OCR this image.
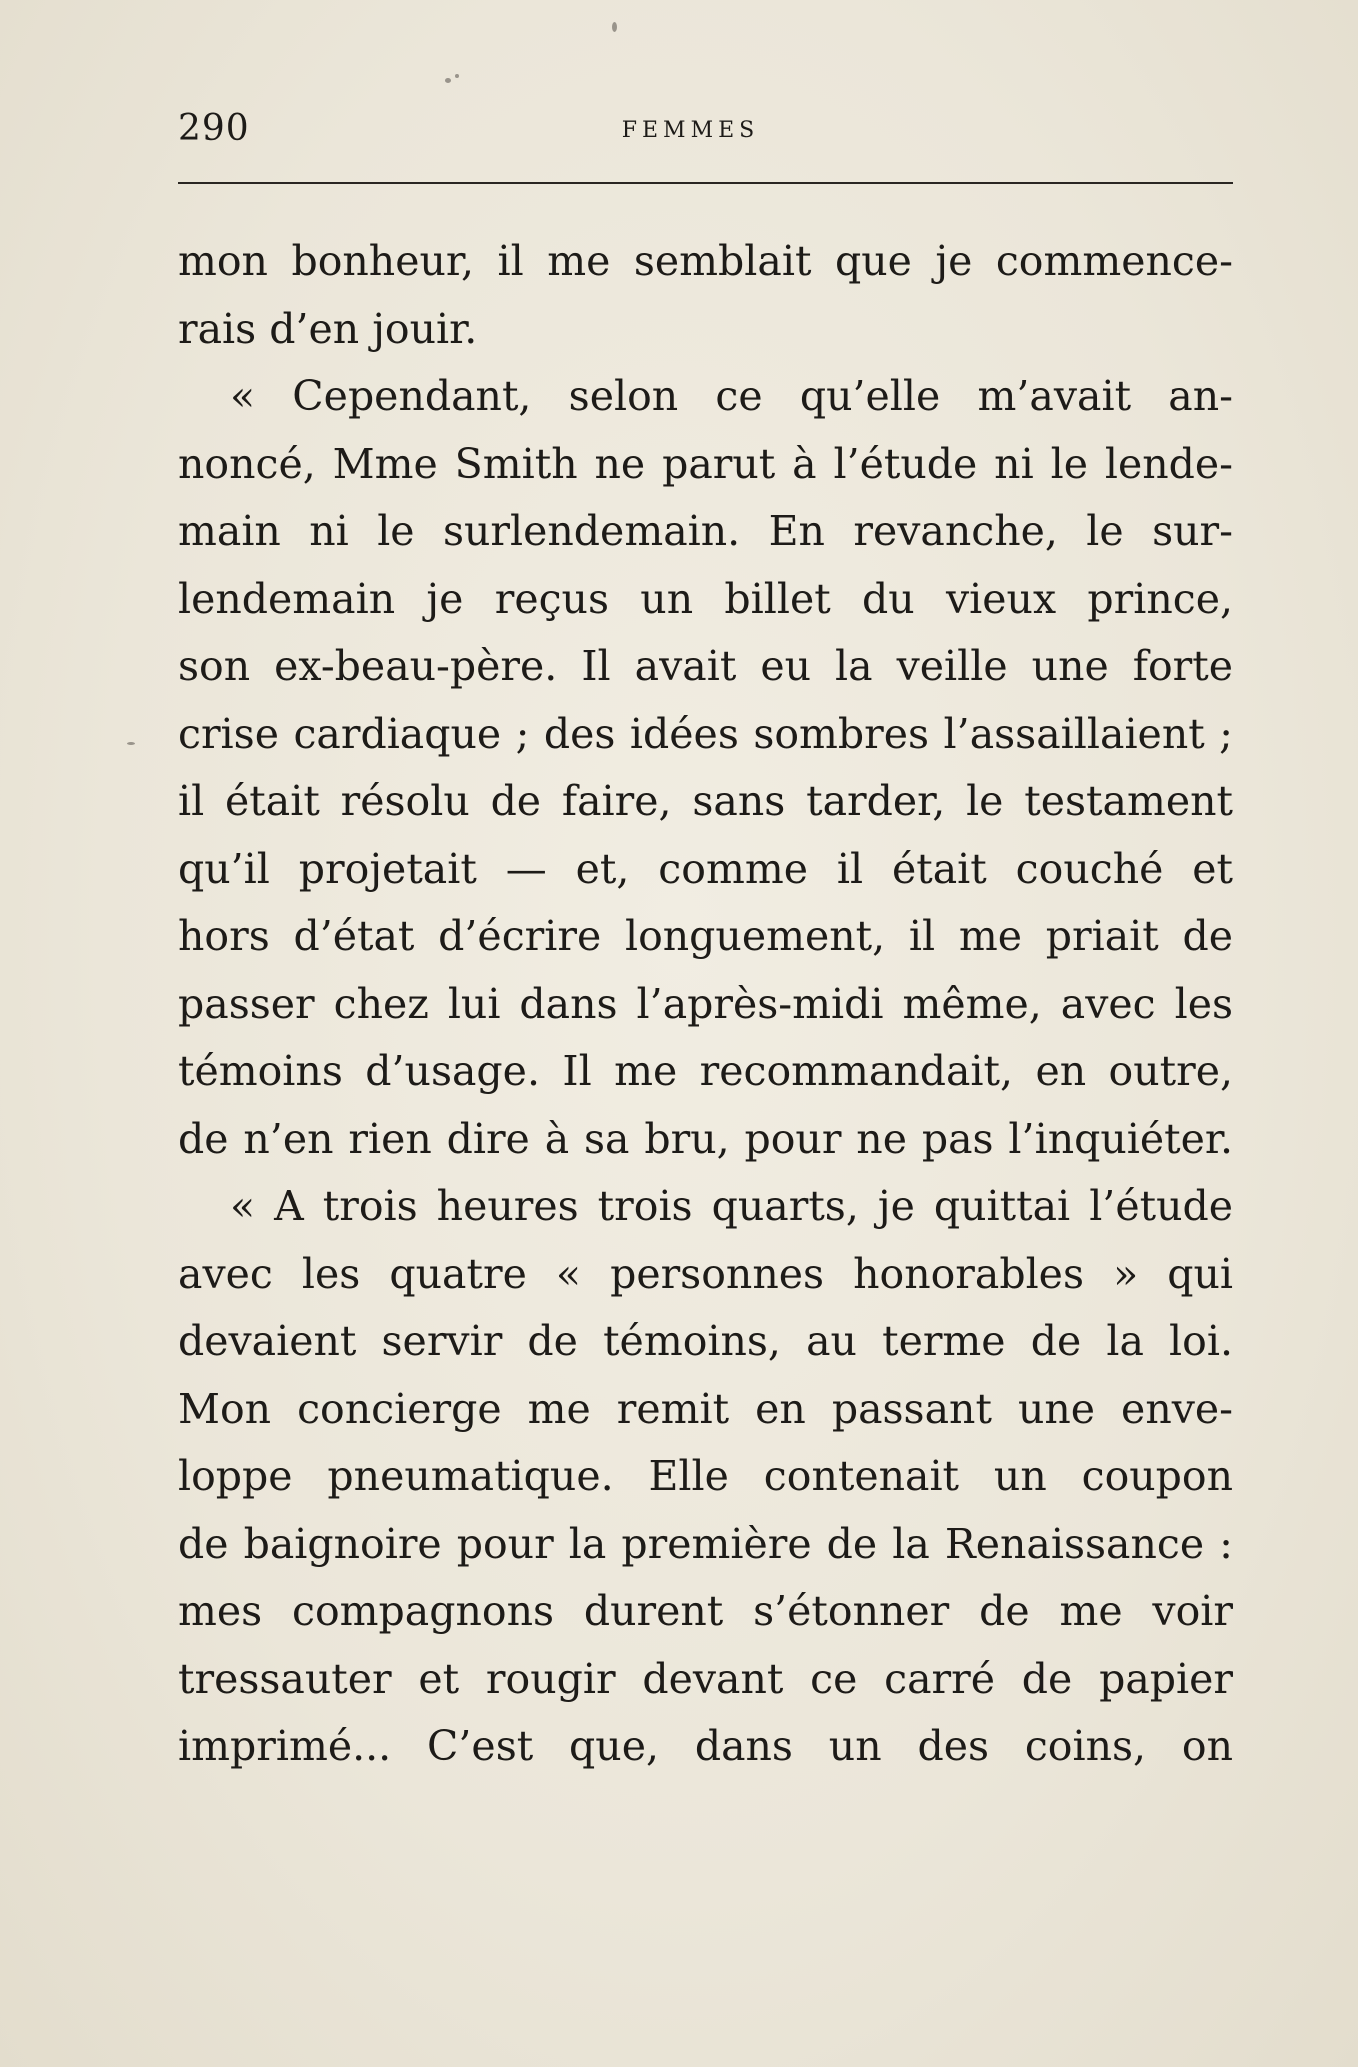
290	FEMMES
mon bonheur, il me semblait que je commence-
rais d’en jouir.
« Cependant, selon ce qu’elle m’avait an-
noncé, Mme Smith ne parut à l’étude ni le lende-
main ni le surlendemain. En revanche, le sur-
lendemain je reçus un billet du vieux prince,
son ex-beau-père. Il avait eu la veille une forte
crise cardiaque ; des idées sombres l’assaillaient ;
il était résolu de faire, sans tarder, le testament
qu’il projetait — et, comme il était couché et
hors d’état d’écrire longuement, il me priait de
passer chez lui dans l’après-midi même, avec les
témoins d’usage. Il me recommandait, en outre,
de n’en rien dire à sa bru, pour ne pas l’inquiéter.
« A trois heures trois quarts, je quittai l’étude
avec les quatre « personnes honorables » qui
devaient servir de témoins, au terme de la loi.
Mon concierge me remit en passant une enve-
loppe pneumatique. Elle contenait un coupon
de baignoire pour la première de la Renaissance :
mes compagnons durent s’étonner de me voir
tressauter et rougir devant ce carré de papier
imprimé... C’est que, dans un des coins, on
